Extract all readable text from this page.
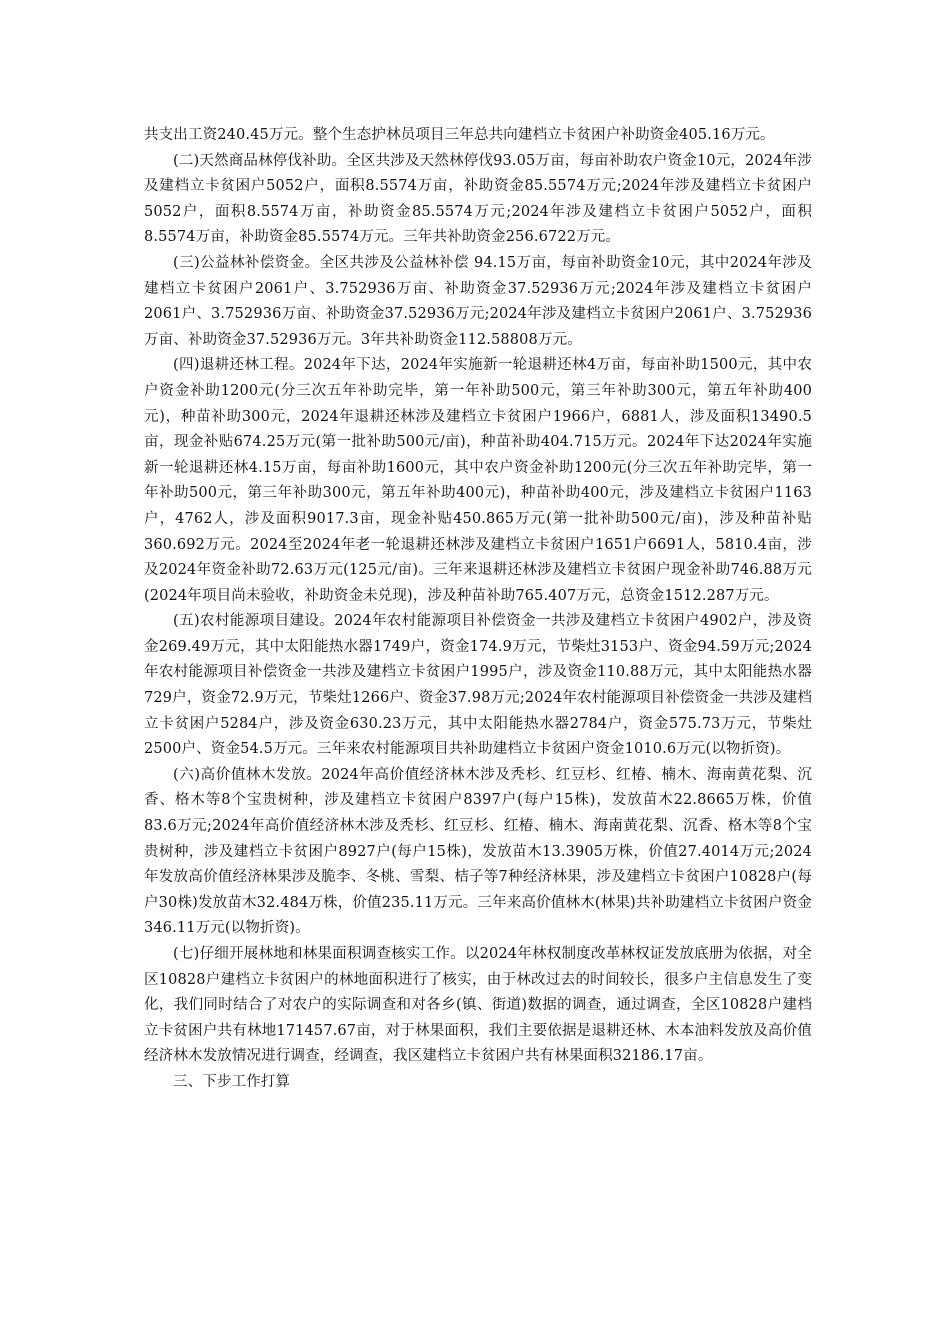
共支出工资240.45万元。整个生态护林员项目三年总共向建档立卡贫困户补助资金405.16万元。

(二)天然商品林停伐补助。全区共涉及天然林停伐93.05万亩，每亩补助农户资金10元，2024年涉及建档立卡贫困户5052户，面积8.5574万亩，补助资金85.5574万元;2024年涉及建档立卡贫困户5052户，面积8.5574万亩，补助资金85.5574万元;2024年涉及建档立卡贫困户5052户，面积8.5574万亩，补助资金85.5574万元。三年共补助资金256.6722万元。

(三)公益林补偿资金。全区共涉及公益林补偿 94.15万亩，每亩补助资金10元，其中2024年涉及建档立卡贫困户2061户、3.752936万亩、补助资金37.52936万元;2024年涉及建档立卡贫困户2061户、3.752936万亩、补助资金37.52936万元;2024年涉及建档立卡贫困户2061户、3.752936万亩、补助资金37.52936万元。3年共补助资金112.58808万元。

(四)退耕还林工程。2024年下达，2024年实施新一轮退耕还林4万亩，每亩补助1500元，其中农户资金补助1200元(分三次五年补助完毕，第一年补助500元，第三年补助300元，第五年补助400元)，种苗补助300元，2024年退耕还林涉及建档立卡贫困户1966户，6881人，涉及面积13490.5亩，现金补贴674.25万元(第一批补助500元/亩)，种苗补助404.715万元。2024年下达2024年实施新一轮退耕还林4.15万亩，每亩补助1600元，其中农户资金补助1200元(分三次五年补助完毕，第一年补助500元，第三年补助300元，第五年补助400元)，种苗补助400元，涉及建档立卡贫困户1163户，4762人，涉及面积9017.3亩，现金补贴450.865万元(第一批补助500元/亩)，涉及种苗补贴360.692万元。2024至2024年老一轮退耕还林涉及建档立卡贫困户1651户6691人，5810.4亩，涉及2024年资金补助72.63万元(125元/亩)。三年来退耕还林涉及建档立卡贫困户现金补助746.88万元(2024年项目尚未验收，补助资金未兑现)，涉及种苗补助765.407万元，总资金1512.287万元。

(五)农村能源项目建设。2024年农村能源项目补偿资金一共涉及建档立卡贫困户4902户，涉及资金269.49万元，其中太阳能热水器1749户，资金174.9万元，节柴灶3153户、资金94.59万元;2024年农村能源项目补偿资金一共涉及建档立卡贫困户1995户，涉及资金110.88万元，其中太阳能热水器729户，资金72.9万元，节柴灶1266户、资金37.98万元;2024年农村能源项目补偿资金一共涉及建档立卡贫困户5284户，涉及资金630.23万元，其中太阳能热水器2784户，资金575.73万元，节柴灶2500户、资金54.5万元。三年来农村能源项目共补助建档立卡贫困户资金1010.6万元(以物折资)。

(六)高价值林木发放。2024年高价值经济林木涉及秃杉、红豆杉、红椿、楠木、海南黄花梨、沉香、格木等8个宝贵树种，涉及建档立卡贫困户8397户(每户15株)，发放苗木22.8665万株，价值83.6万元;2024年高价值经济林木涉及秃杉、红豆杉、红椿、楠木、海南黄花梨、沉香、格木等8个宝贵树种，涉及建档立卡贫困户8927户(每户15株)，发放苗木13.3905万株，价值27.4014万元;2024年发放高价值经济林果涉及脆李、冬桃、雪梨、桔子等7种经济林果，涉及建档立卡贫困户10828户(每户30株)发放苗木32.484万株，价值235.11万元。三年来高价值林木(林果)共补助建档立卡贫困户资金346.11万元(以物折资)。

(七)仔细开展林地和林果面积调查核实工作。以2024年林权制度改革林权证发放底册为依据，对全区10828户建档立卡贫困户的林地面积进行了核实，由于林改过去的时间较长，很多户主信息发生了变化，我们同时结合了对农户的实际调查和对各乡(镇、街道)数据的调查，通过调查，全区10828户建档立卡贫困户共有林地171457.67亩，对于林果面积，我们主要依据是退耕还林、木本油料发放及高价值经济林木发放情况进行调查，经调查，我区建档立卡贫困户共有林果面积32186.17亩。

三、下步工作打算
